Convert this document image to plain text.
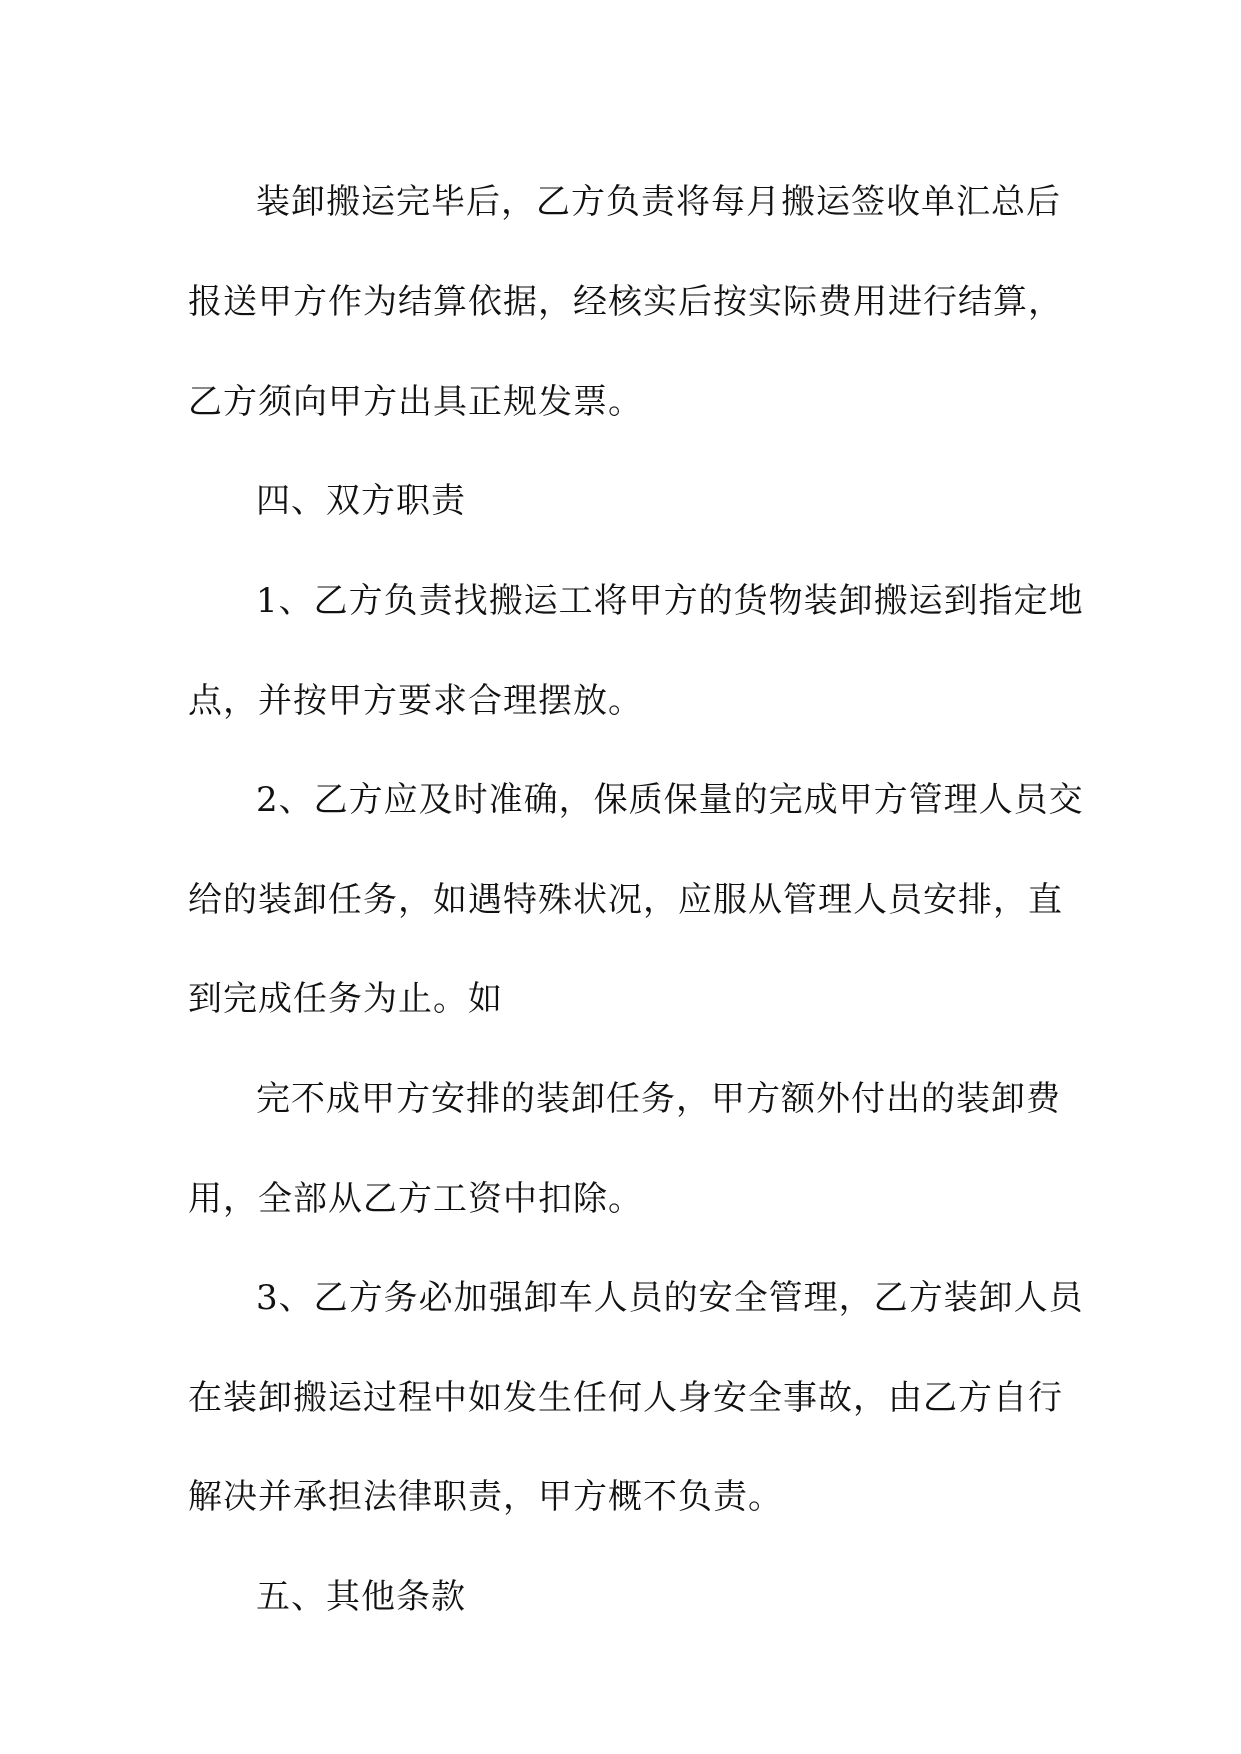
装卸搬运完毕后，乙方负责将每月搬运签收单汇总后
报送甲方作为结算依据，经核实后按实际费用进行结算，
乙方须向甲方出具正规发票。
四、双方职责
1、乙方负责找搬运工将甲方的货物装卸搬运到指定地
点，并按甲方要求合理摆放。
2、乙方应及时准确，保质保量的完成甲方管理人员交
给的装卸任务，如遇特殊状况，应服从管理人员安排，直
到完成任务为止。如
完不成甲方安排的装卸任务，甲方额外付出的装卸费
用，全部从乙方工资中扣除。
3、乙方务必加强卸车人员的安全管理，乙方装卸人员
在装卸搬运过程中如发生任何人身安全事故，由乙方自行
解决并承担法律职责，甲方概不负责。
五、其他条款
